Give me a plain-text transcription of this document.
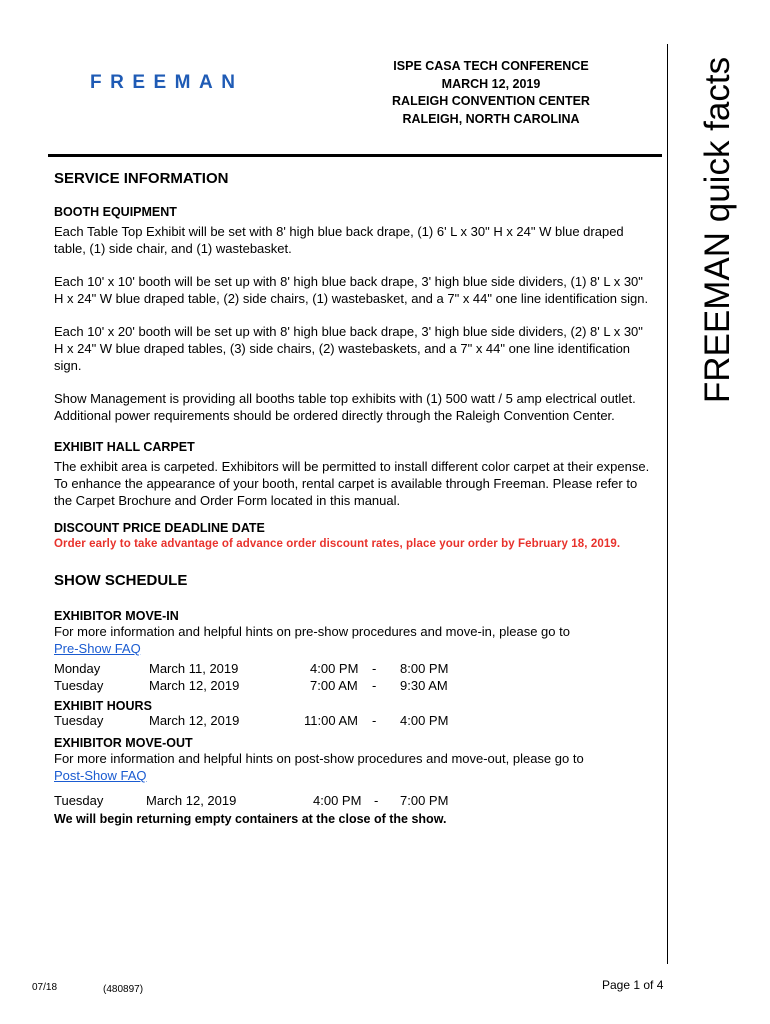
FREEMAN
ISPE CASA TECH CONFERENCE
MARCH 12, 2019
RALEIGH CONVENTION CENTER
RALEIGH, NORTH CAROLINA	FREEMAN quick facts
SERVICE INFORMATION
BOOTH EQUIPMENT
Each Table Top Exhibit will be set with 8' high blue back drape, (1) 6' L x 30" H x 24" W blue draped table, (1) side chair, and (1) wastebasket.
Each 10' x 10' booth will be set up with 8' high blue back drape, 3' high blue side dividers, (1) 8' L x 30" H x 24" W blue draped table, (2) side chairs, (1) wastebasket, and a 7" x 44" one line identification sign.
Each 10' x 20' booth will be set up with 8' high blue back drape, 3' high blue side dividers, (2) 8' L x 30" H x 24" W blue draped tables, (3) side chairs, (2) wastebaskets, and a 7" x 44" one line identification sign.
Show Management is providing all booths table top exhibits with (1) 500 watt / 5 amp electrical outlet. Additional power requirements should be ordered directly through the Raleigh Convention Center.
EXHIBIT HALL CARPET
The exhibit area is carpeted. Exhibitors will be permitted to install different color carpet at their expense. To enhance the appearance of your booth, rental carpet is available through Freeman. Please refer to the Carpet Brochure and Order Form located in this manual.
DISCOUNT PRICE DEADLINE DATE
Order early to take advantage of advance order discount rates, place your order by February 18, 2019.
SHOW SCHEDULE
EXHIBITOR MOVE-IN
For more information and helpful hints on pre-show procedures and move-in, please go to
Pre-Show FAQ
Monday	March 11, 2019	4:00 PM - 8:00 PM
Tuesday	March 12, 2019	7:00 AM - 9:30 AM
EXHIBIT HOURS
Tuesday	March 12, 2019	11:00 AM - 4:00 PM
EXHIBITOR MOVE-OUT
For more information and helpful hints on post-show procedures and move-out, please go to
Post-Show FAQ
Tuesday	March 12, 2019	4:00 PM - 7:00 PM
We will begin returning empty containers at the close of the show.
07/18	(480897)	Page 1 of 4
